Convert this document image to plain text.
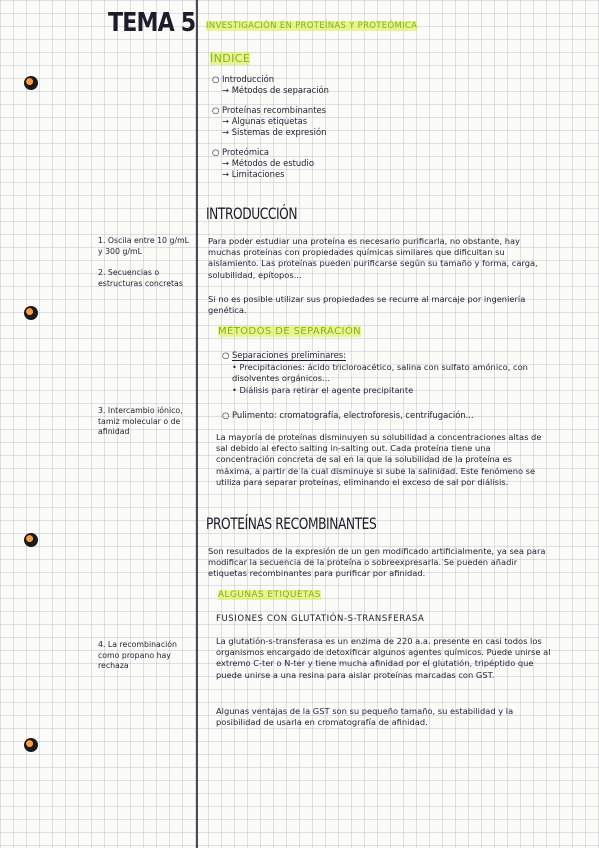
TEMA 5 INVESTIGACIÓN EN PROTEÍNAS Y PROTEÓMICA
ÍNDICE
○ Introducción
→ Métodos de separación
○ Proteínas recombinantes
→ Algunas etiquetas
→ Sistemas de expresión
○ Proteómica
→ Métodos de estudio
→ Limitaciones
INTRODUCCIÓN
Para poder estudiar una proteína es necesario purificarla, no obstante, hay muchas proteínas con propiedades químicas similares que dificultan su aislamiento. Las proteínas pueden purificarse según su tamaño y forma, carga, solubilidad, epítopos...
Si no es posible utilizar sus propiedades se recurre al marcaje por ingeniería genética.
MÉTODOS DE SEPARACIÓN
○ Separaciones preliminares:
• Precipitaciones: ácido tricloroacético, salina con sulfato amónico, con disolventes orgánicos...
• Diálisis para retirar el agente precipitante
○ Pulimento: cromatografía, electroforesis, centrifugación...
La mayoría de proteínas disminuyen su solubilidad a concentraciones altas de sal debido al efecto salting in-salting out. Cada proteína tiene una concentración concreta de sal en la que la solubilidad de la proteína es máxima, a partir de la cual disminuye si sube la salinidad. Este fenómeno se utiliza para separar proteínas, eliminando el exceso de sal por diálisis.
PROTEÍNAS RECOMBINANTES
Son resultados de la expresión de un gen modificado artificialmente, ya sea para modificar la secuencia de la proteína o sobreexpresarla. Se pueden añadir etiquetas recombinantes para purificar por afinidad.
ALGUNAS ETIQUETAS
FUSIONES CON GLUTATIÓN-S-TRANSFERASA
La glutatión-s-transferasa es un enzima de 220 a.a. presente en casi todos los organismos encargado de detoxificar algunos agentes químicos. Puede unirse al extremo C-ter o N-ter y tiene mucha afinidad por el glutatión, tripéptido que puede unirse a una resina para aislar proteínas marcadas con GST.
Algunas ventajas de la GST son su pequeño tamaño, su estabilidad y la posibilidad de usarla en cromatografía de afinidad.
1. Oscila entre 10 g/mL y 300 g/mL
2. Secuencias o estructuras concretas
3. Intercambio iónico, tamiz molecular o de afinidad
4. La recombinación como propano hay rechaza
